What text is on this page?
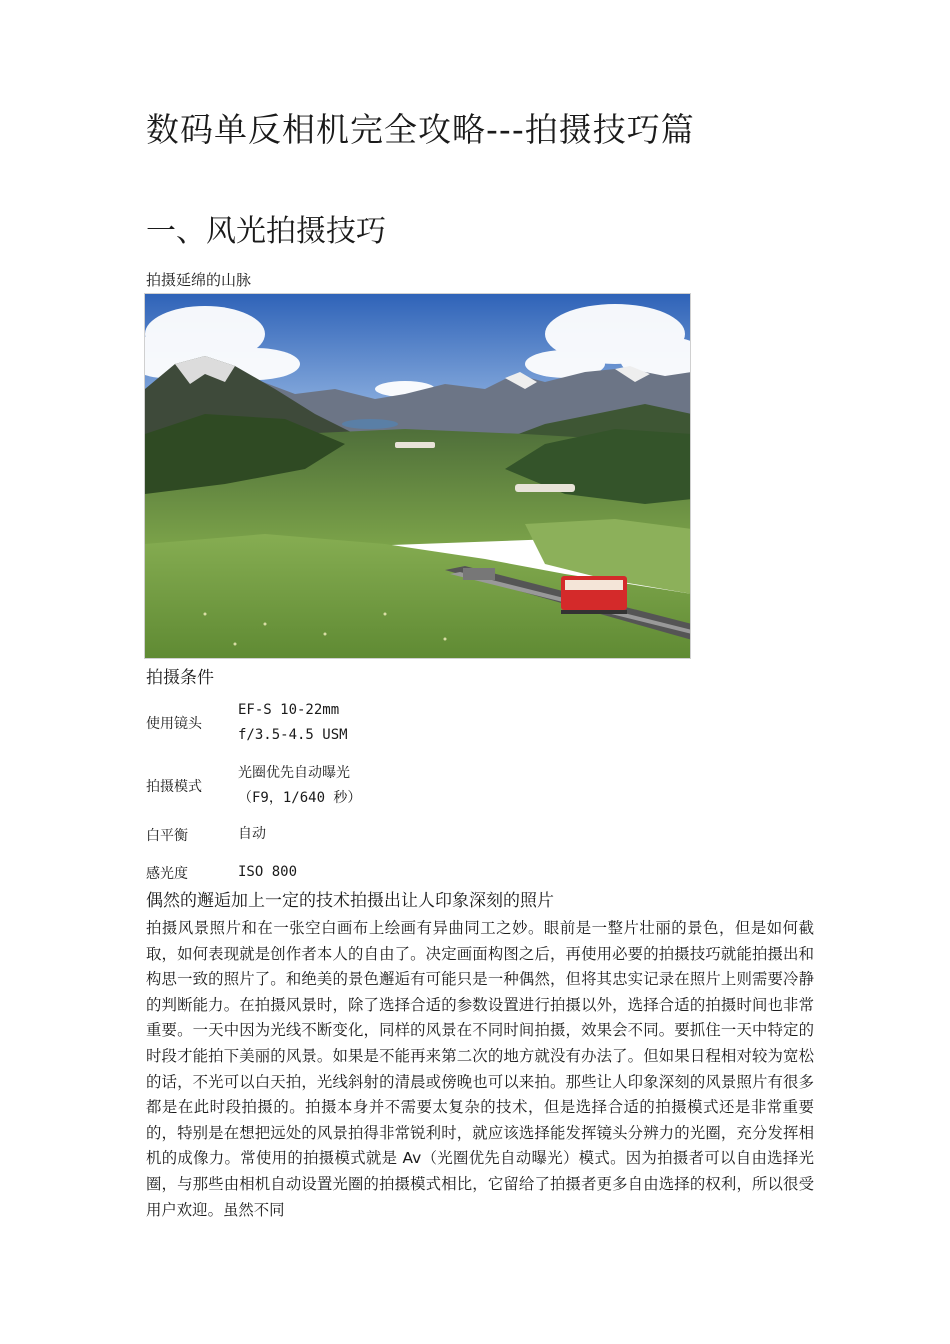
数码单反相机完全攻略---拍摄技巧篇
一、风光拍摄技巧

拍摄延绵的山脉

拍摄条件

使用镜头
EF-S 10-22mm
f/3.5-4.5 USM
拍摄模式
光圈优先自动曝光
（F9，1/640 秒）
白平衡	自动
感光度	ISO 800
偶然的邂逅加上一定的技术拍摄出让人印象深刻的照片

拍摄风景照片和在一张空白画布上绘画有异曲同工之妙。眼前是一整片壮丽的景色，但是如何截取，如何表现就是创作者本人的自由了。决定画面构图之后，再使用必要的拍摄技巧就能拍摄出和构思一致的照片了。和绝美的景色邂逅有可能只是一种偶然，但将其忠实记录在照片上则需要冷静的判断能力。在拍摄风景时，除了选择合适的参数设置进行拍摄以外，选择合适的拍摄时间也非常重要。一天中因为光线不断变化，同样的风景在不同时间拍摄，效果会不同。要抓住一天中特定的时段才能拍下美丽的风景。如果是不能再来第二次的地方就没有办法了。但如果日程相对较为宽松的话，不光可以白天拍，光线斜射的清晨或傍晚也可以来拍。那些让人印象深刻的风景照片有很多都是在此时段拍摄的。拍摄本身并不需要太复杂的技术，但是选择合适的拍摄模式还是非常重要的，特别是在想把远处的风景拍得非常锐利时，就应该选择能发挥镜头分辨力的光圈，充分发挥相机的成像力。常使用的拍摄模式就是 Av（光圈优先自动曝光）模式。因为拍摄者可以自由选择光圈，与那些由相机自动设置光圈的拍摄模式相比，它留给了拍摄者更多自由选择的权利，所以很受用户欢迎。虽然不同
